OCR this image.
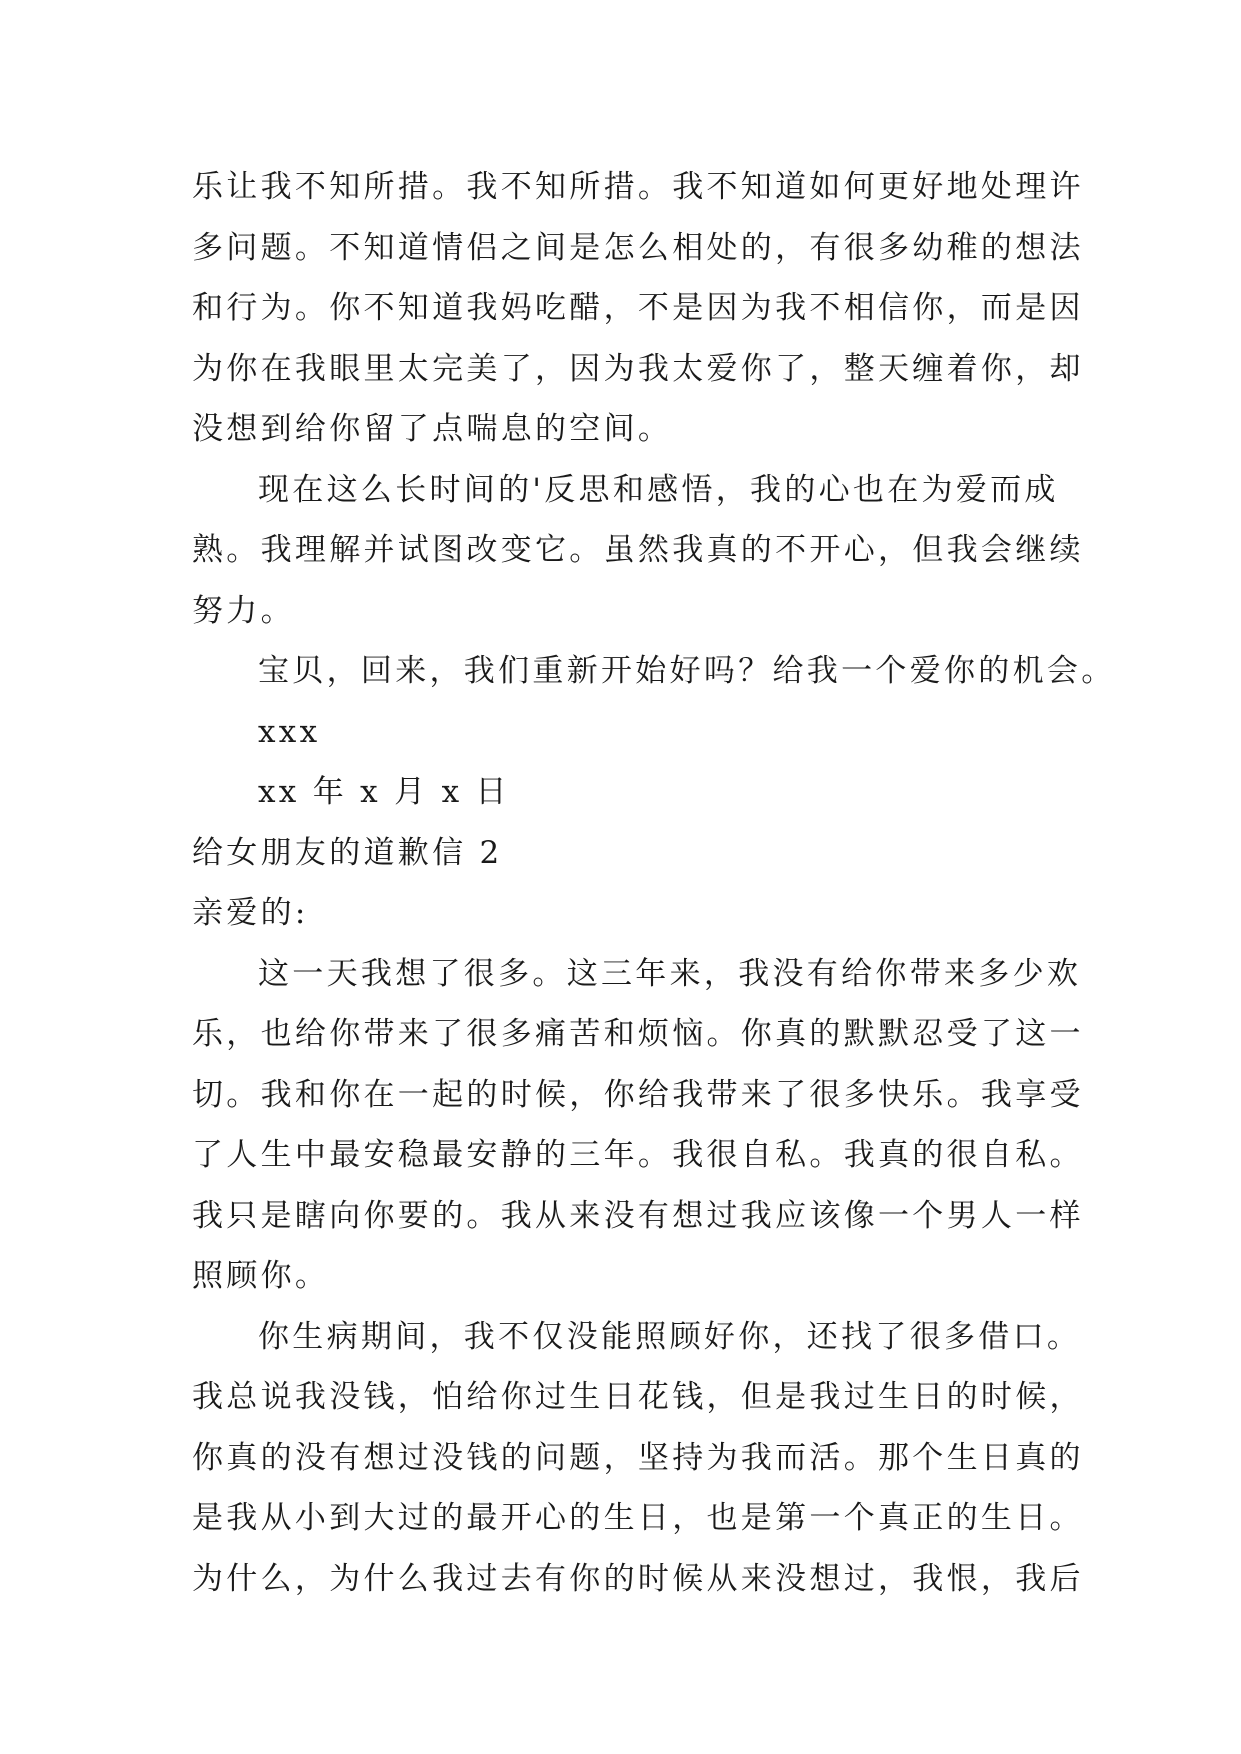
乐让我不知所措。我不知所措。我不知道如何更好地处理许
多问题。不知道情侣之间是怎么相处的，有很多幼稚的想法
和行为。你不知道我妈吃醋，不是因为我不相信你，而是因
为你在我眼里太完美了，因为我太爱你了，整天缠着你，却
没想到给你留了点喘息的空间。
现在这么长时间的'反思和感悟，我的心也在为爱而成
熟。我理解并试图改变它。虽然我真的不开心，但我会继续
努力。
宝贝，回来，我们重新开始好吗？给我一个爱你的机会。
xxx
xx 年 x 月 x 日
给女朋友的道歉信 2
亲爱的:
这一天我想了很多。这三年来，我没有给你带来多少欢
乐，也给你带来了很多痛苦和烦恼。你真的默默忍受了这一
切。我和你在一起的时候，你给我带来了很多快乐。我享受
了人生中最安稳最安静的三年。我很自私。我真的很自私。
我只是瞎向你要的。我从来没有想过我应该像一个男人一样
照顾你。
你生病期间，我不仅没能照顾好你，还找了很多借口。
我总说我没钱，怕给你过生日花钱，但是我过生日的时候，
你真的没有想过没钱的问题，坚持为我而活。那个生日真的
是我从小到大过的最开心的生日，也是第一个真正的生日。
为什么，为什么我过去有你的时候从来没想过，我恨，我后
